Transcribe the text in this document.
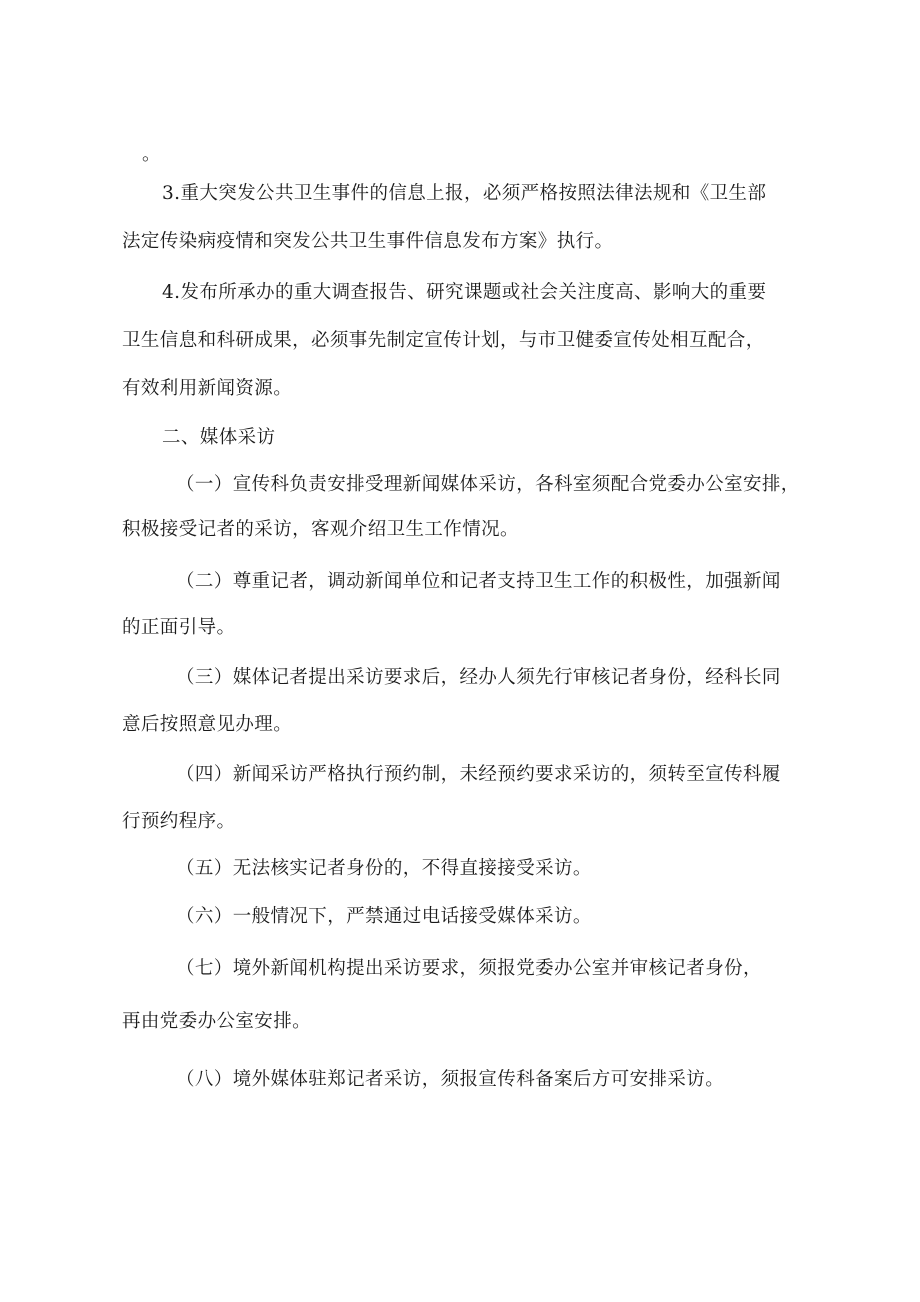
。

3.重大突发公共卫生事件的信息上报，必须严格按照法律法规和《卫生部

法定传染病疫情和突发公共卫生事件信息发布方案》执行。

4.发布所承办的重大调查报告、研究课题或社会关注度高、影响大的重要

卫生信息和科研成果，必须事先制定宣传计划，与市卫健委宣传处相互配合，

有效利用新闻资源。

二、媒体采访

（一）宣传科负责安排受理新闻媒体采访，各科室须配合党委办公室安排，

积极接受记者的采访，客观介绍卫生工作情况。

（二）尊重记者，调动新闻单位和记者支持卫生工作的积极性，加强新闻

的正面引导。

（三）媒体记者提出采访要求后，经办人须先行审核记者身份，经科长同

意后按照意见办理。

（四）新闻采访严格执行预约制，未经预约要求采访的，须转至宣传科履

行预约程序。

（五）无法核实记者身份的，不得直接接受采访。

（六）一般情况下，严禁通过电话接受媒体采访。

（七）境外新闻机构提出采访要求，须报党委办公室并审核记者身份，

再由党委办公室安排。

（八）境外媒体驻郑记者采访，须报宣传科备案后方可安排采访。
